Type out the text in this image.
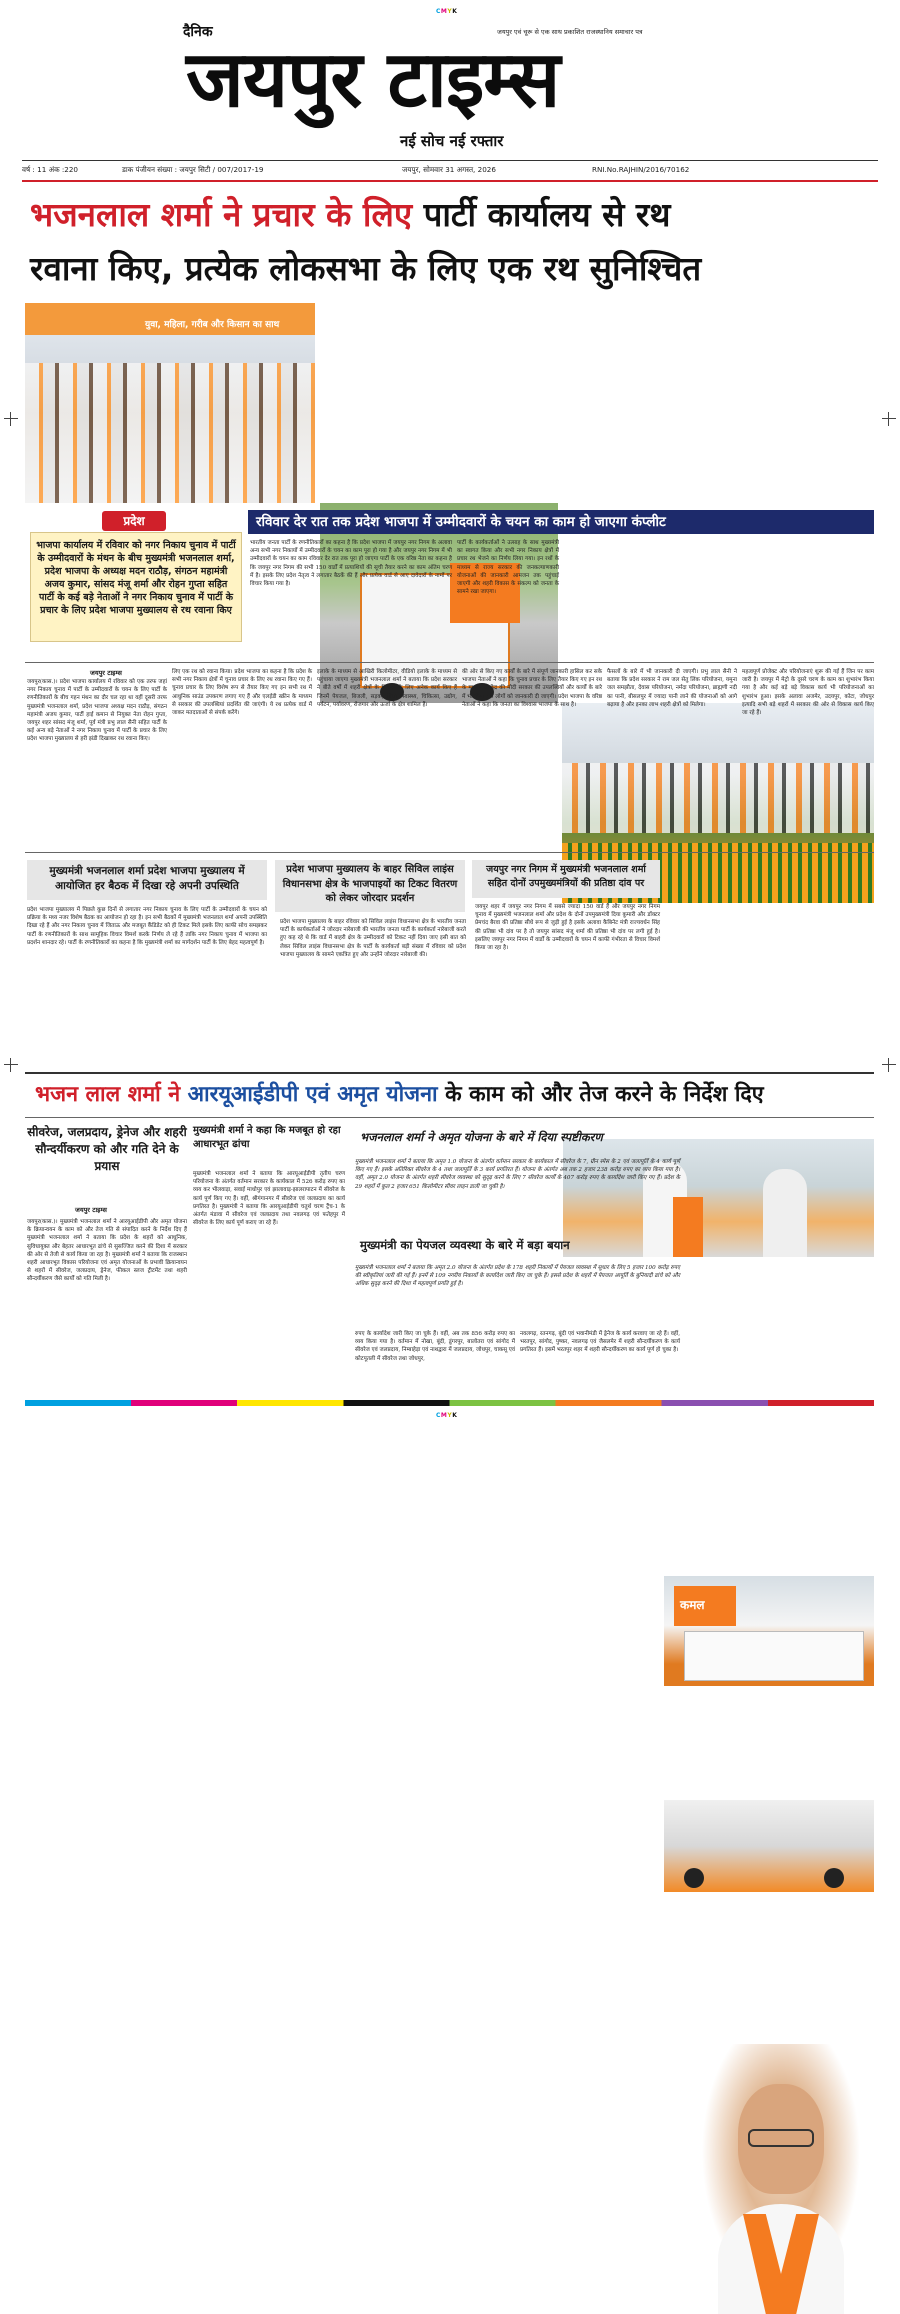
CMYK
जयपुर एवं चूरू से एक साथ प्रकाशित राजस्थानिय समाचार पत्र
दैनिक
जयपुर टाइम्स
नई सोच नई रफ्तार
वर्ष : 11 अंक :220	डाक पंजीयन संख्या : जयपुर सिटी / 007/2017-19	जयपुर, सोमवार 31 अगस्त, 2026	RNI.No.RAJHIN/2016/70162
भजनलाल शर्मा ने प्रचार के लिए पार्टी कार्यालय से रथ
रवाना किए, प्रत्येक लोकसभा के लिए एक रथ सुनिश्चित
युवा, महिला, गरीब और किसान का साथ
प्रदेश
भाजपा कार्यालय में रविवार को नगर निकाय चुनाव में पार्टी के उम्मीदवारों के मंथन के बीच मुख्यमंत्री भजनलाल शर्मा, प्रदेश भाजपा के अध्यक्ष मदन राठौड़, संगठन महामंत्री अजय कुमार, सांसद मंजू शर्मा और रोहन गुप्ता सहित पार्टी के कई बड़े नेताओं ने नगर निकाय चुनाव में पार्टी के प्रचार के लिए प्रदेश भाजपा मुख्यालय से रथ रवाना किए
रविवार देर रात तक प्रदेश भाजपा में उम्मीदवारों के चयन का काम हो जाएगा कंप्लीट
भारतीय जनता पार्टी के रणनीतिकारों का कहना है कि प्रदेश भाजपा में जयपुर नगर निगम के अलावा अन्य सभी नगर निकायों में उम्मीदवारों के चयन का काम पूरा हो गया है और जयपुर नगर निगम में भी उम्मीदवारों के चयन का काम रविवार देर रात तक पूरा हो जाएगा पार्टी के एक वरिष्ठ नेता का कहना है कि जयपुर नगर निगम की सभी 150 वार्डों में प्रत्याशियों की सूची तैयार करने का काम अंतिम चरण में है। इसके लिए प्रदेश नेतृत्व ने लगातार बैठकें की हैं और प्रत्येक वार्ड से आए दावेदारों के नामों पर विचार किया गया है।
पार्टी के कार्यकर्ताओं ने उत्साह के साथ मुख्यमंत्री का स्वागत किया और सभी नगर निकाय क्षेत्रों में प्रचार रथ भेजने का निर्णय लिया गया। इन रथों के माध्यम से राज्य सरकार की जनकल्याणकारी योजनाओं की जानकारी आमजन तक पहुंचाई जाएगी और शहरी विकास के संकल्प को जनता के सामने रखा जाएगा।
जयपुर टाइम्स
जयपुर(कास.)। प्रदेश भाजपा कार्यालय में रविवार को एक तरफ जहां नगर निकाय चुनाव में पार्टी के उम्मीदवारों के चयन के लिए पार्टी के रणनीतिकारों के बीच गहन मंथन का दौर चल रहा था वहीं दूसरी तरफ मुख्यमंत्री भजनलाल शर्मा, प्रदेश भाजपा अध्यक्ष मदन राठौड़, संगठन महामंत्री अजय कुमार, पार्टी हाई कमान से नियुक्त नेता रोहन गुप्ता, जयपुर शहर सांसद मंजू शर्मा, पूर्व मंत्री प्रभु लाल सैनी सहित पार्टी के कई अन्य बड़े नेताओं ने नगर निकाय चुनाव में पार्टी के प्रचार के लिए प्रदेश भाजपा मुख्यालय से हरी झंडी दिखाकर रथ रवाना किए।
लिए एक रथ को रवाना किया। प्रदेश भाजपा का कहना है कि प्रदेश के सभी नगर निकाय क्षेत्रों में चुनाव प्रचार के लिए रथ रवाना किए गए हैं। चुनाव प्रचार के लिए विशेष रूप से तैयार किए गए इन सभी रथ में आधुनिक साउंड उपकरण लगाए गए हैं और एलईडी स्क्रीन के माध्यम से सरकार की उपलब्धियां प्रदर्शित की जाएंगी। ये रथ प्रत्येक वार्ड में जाकर मतदाताओं से संपर्क करेंगे।
इलाके के माध्यम से आखिरी किलोमीटर, वीडियो इलाके के माध्यम से पहुंचाया जाएगा मुख्यमंत्री भजनलाल शर्मा ने बताया कि प्रदेश सरकार ने बीते वर्षों में शहरी क्षेत्रों के विकास के लिए अनेक कार्य किए हैं जिनमें पेयजल, बिजली, सड़क, शिक्षा, स्वास्थ्य, चिकित्सा, उद्योग, पर्यटन, पर्यावरण, रोजगार और ऊर्जा के क्षेत्र शामिल हैं।
की ओर से किए गए कार्यों के बारे में संपूर्ण जानकारी हासिल कर सके भाजपा नेताओं ने कहा कि चुनाव प्रचार के लिए तैयार किए गए इन रथ के माध्यम से केंद्र की मोदी सरकार की उपलब्धियों और कार्यों के बारे में भी विस्तार से लोगों को जानकारी दी जाएगी। प्रदेश भाजपा के वरिष्ठ नेताओं ने कहा कि जनता का विश्वास भाजपा के साथ है।
फैसलों के बारे में भी जानकारी दी जाएगी। प्रभु लाल सैनी ने बताया कि प्रदेश सरकार ने राम जल सेतु लिंक परियोजना, यमुना जल समझौता, देवास परियोजना, नर्मदा परियोजना, ब्राह्मणी नदी का पानी, बीसलपुर में ज्यादा पानी लाने की योजनाओं को आगे बढ़ाया है और इनका लाभ शहरी क्षेत्रों को मिलेगा।
महत्वपूर्ण प्रोजेक्ट और परियोजनाएं शुरू की गई हैं जिन पर काम जारी है। जयपुर में मेट्रो के दूसरे चरण के काम का शुभारंभ किया गया है और कई बड़े बड़े विकास कार्य भी परियोजनाओं का शुभारंभ हुआ। इसके अलावा अजमेर, उदयपुर, कोटा, जोधपुर इत्यादि सभी बड़े शहरों में सरकार की ओर से विकास कार्य किए जा रहे हैं।
मुख्यमंत्री भजनलाल शर्मा प्रदेश भाजपा मुख्यालय में आयोजित हर बैठक में दिखा रहे अपनी उपस्थिति
प्रदेश भाजपा मुख्यालय में पिछले कुछ दिनों से लगातार नगर निकाय चुनाव के लिए पार्टी के उम्मीदवारों के चयन को प्रक्रिया के मध्य नजर विशेष बैठक का आयोजन हो रहा है। इन सभी बैठकों में मुख्यमंत्री भजनलाल शर्मा अपनी उपस्थिति दिखा रहे हैं और नगर निकाय चुनाव में जिताऊ और मजबूत कैंडिडेट को ही टिकट मिले इसके लिए काफी सोच समझकर पार्टी के रणनीतिकारों के साथ सामूहिक विचार विमर्श करके निर्णय ले रहे हैं ताकि नगर निकाय चुनाव में भाजपा का प्रदर्शन शानदार रहे। पार्टी के रणनीतिकारों का कहना है कि मुख्यमंत्री शर्मा का मार्गदर्शन पार्टी के लिए बेहद महत्वपूर्ण है।
प्रदेश भाजपा मुख्यालय के बाहर सिविल लाइंस विधानसभा क्षेत्र के भाजपाइयों का टिकट वितरण को लेकर जोरदार प्रदर्शन
प्रदेश भाजपा मुख्यालय के बाहर रविवार को सिविल लाइंस विधानसभा क्षेत्र के भारतीय जनता पार्टी के कार्यकर्ताओं ने जोरदार नारेबाजी की भारतीय जनता पार्टी के कार्यकर्ता नारेबाजी करते हुए कह रहे थे कि वार्ड में बाहरी क्षेत्र के उम्मीदवारों को टिकट नहीं दिया जाए इसी बात को लेकर सिविल लाइंस विधानसभा क्षेत्र के पार्टी के कार्यकर्ता बड़ी संख्या में रविवार को प्रदेश भाजपा मुख्यालय के सामने एकत्रित हुए और उन्होंने जोरदार नारेबाजी की।
जयपुर नगर निगम में मुख्यमंत्री भजनलाल शर्मा सहित दोनों उपमुख्यमंत्रियों की प्रतिष्ठा दांव पर
कमल
जयपुर शहर में जयपुर नगर निगम में सबसे ज्यादा 150 वार्ड हैं और जयपुर नगर निगम चुनाव में मुख्यमंत्री भजनलाल शर्मा और प्रदेश के दोनों उपमुख्यमंत्री दिया कुमारी और डॉक्टर प्रेमचंद बैरवा की प्रतिष्ठा सीधे रूप से जुड़ी हुई है इसके अलावा कैबिनेट मंत्री राज्यवर्धन सिंह की प्रतिष्ठा भी दांव पर है तो जयपुर सांसद मंजू शर्मा की प्रतिष्ठा भी दांव पर लगी हुई है। इसलिए जयपुर नगर निगम में वार्डों के उम्मीदवारों के चयन में काफी गंभीरता से विचार विमर्श किया जा रहा है।
भजन लाल शर्मा ने आरयूआईडीपी एवं अमृत योजना के काम को और तेज करने के निर्देश दिए
सीवरेज, जलप्रदाय, ड्रेनेज और शहरी सौन्दर्यीकरण को और गति देने के प्रयास
जयपुर टाइम्स
जयपुर(कास.)। मुख्यमंत्री भजनलाल शर्मा ने आरयूआईडीपी और अमृत योजना के क्रियान्वयन के काम को और तेज गति से संपादित करने के निर्देश दिए हैं मुख्यमंत्री भजनलाल शर्मा ने बताया कि प्रदेश के शहरों को आधुनिक, सुविधायुक्त और बेहतर आधारभूत ढांचे से सुसज्जित करने की दिशा में सरकार की ओर से तेजी से कार्य किया जा रहा है। मुख्यमंत्री शर्मा ने बताया कि राजस्थान शहरी आधारभूत विकास परियोजना एवं अमृत योजनाओं के प्रभावी क्रियान्वयन से शहरों में सीवरेज, जलप्रदाय, ड्रेनेज, फीकल स्लज ट्रीटमेंट तथा शहरी सौन्दर्यीकरण जैसे कार्यों को गति मिली है।
मुख्यमंत्री शर्मा ने कहा कि मजबूत हो रहा आधारभूत ढांचा
मुख्यमंत्री भजनलाल शर्मा ने बताया कि आरयूआईडीपी तृतीय चरण परियोजना के अंतर्गत वर्तमान सरकार के कार्यकाल में 526 करोड़ रुपए का व्यय कर भीलवाड़ा, सवाई माधोपुर एवं झालावाड़-झालरापाटन में सीवरेज के कार्य पूर्ण किए गए हैं। वहीं, श्रीगंगानगर में सीवरेज एवं जलप्रदाय का कार्य प्रगतिरत है। मुख्यमंत्री ने बताया कि आरयूआईडीपी चतुर्थ चरण ट्रैंच-1 के अंतर्गत मंडावा में सीवरेज एवं जलप्रदाय तथा नवलगढ़ एवं फतेहपुर में सीवरेज के लिए कार्य पूर्ण कराए जा रहे हैं।
भजनलाल शर्मा ने अमृत योजना के बारे में दिया स्पष्टीकरण
मुख्यमंत्री भजनलाल शर्मा ने बताया कि अमृत 1.0 योजना के अंतर्गत वर्तमान सरकार के कार्यकाल में सीवरेज के 7, ग्रीन स्पेस के 2 एवं जलापूर्ति के 4 कार्य पूर्ण किए गए हैं। इसके अतिरिक्त सीवरेज के 4 तथा जलापूर्ति के 3 कार्य प्रगतिरत हैं। योजना के अंतर्गत अब तक 2 हजार 238 करोड़ रुपए का व्यय किया गया है। वहीं, अमृत 2.0 योजना के अंतर्गत शहरी सीवरेज व्यवस्था को सुदृढ़ करने के लिए 7 सीवरेज कार्यों के 407 करोड़ रुपए के कार्यादेश जारी किए गए हैं। प्रदेश के 29 शहरों में कुल 2 हजार 651 किलोमीटर सीवर लाइन डाली जा चुकी है।
मुख्यमंत्री का पेयजल व्यवस्था के बारे में बड़ा बयान
मुख्यमंत्री भजनलाल शर्मा ने बताया कि अमृत 2.0 योजना के अंतर्गत प्रदेश के 178 शहरी निकायों में पेयजल व्यवस्था में सुधार के लिए 5 हजार 100 करोड़ रुपए की स्वीकृतियां जारी की गई हैं। इनमें से 109 नगरीय निकायों के कार्यादेश जारी किए जा चुके हैं। इससे प्रदेश के शहरों में पेयजल आपूर्ति के बुनियादी ढांचे को और अधिक सुदृढ़ करने की दिशा में महत्वपूर्ण प्रगति हुई है।
रुपए के कार्यादेश जारी किए जा चुके हैं। वहीं, अब तक 856 करोड़ रुपए का व्यय किया गया है। वर्तमान में नोखा, बूंदी, डूंगरपुर, बालोतरा एवं सांगोद में सीवरेज एवं जलप्रदाय, निम्बाहेड़ा एवं नाथद्वारा में जलप्रदाय, जोधपुर, चाकसू एवं कोटपूतली में सीवरेज तथा जोधपुर,
नवलगढ़, रतनगढ़, बूंदी एवं भवानीमंडी में ड्रेनेज के कार्य करवाए जा रहे हैं। वहीं, भरतपुर, सांगोद, पुष्कर, नवलगढ़ एवं जैसलमेर में शहरी सौन्दर्यीकरण के कार्य प्रगतिरत हैं। इसमें भरतपुर शहर में शहरी सौन्दर्यीकरण का कार्य पूर्ण हो चुका है।
CMYK
